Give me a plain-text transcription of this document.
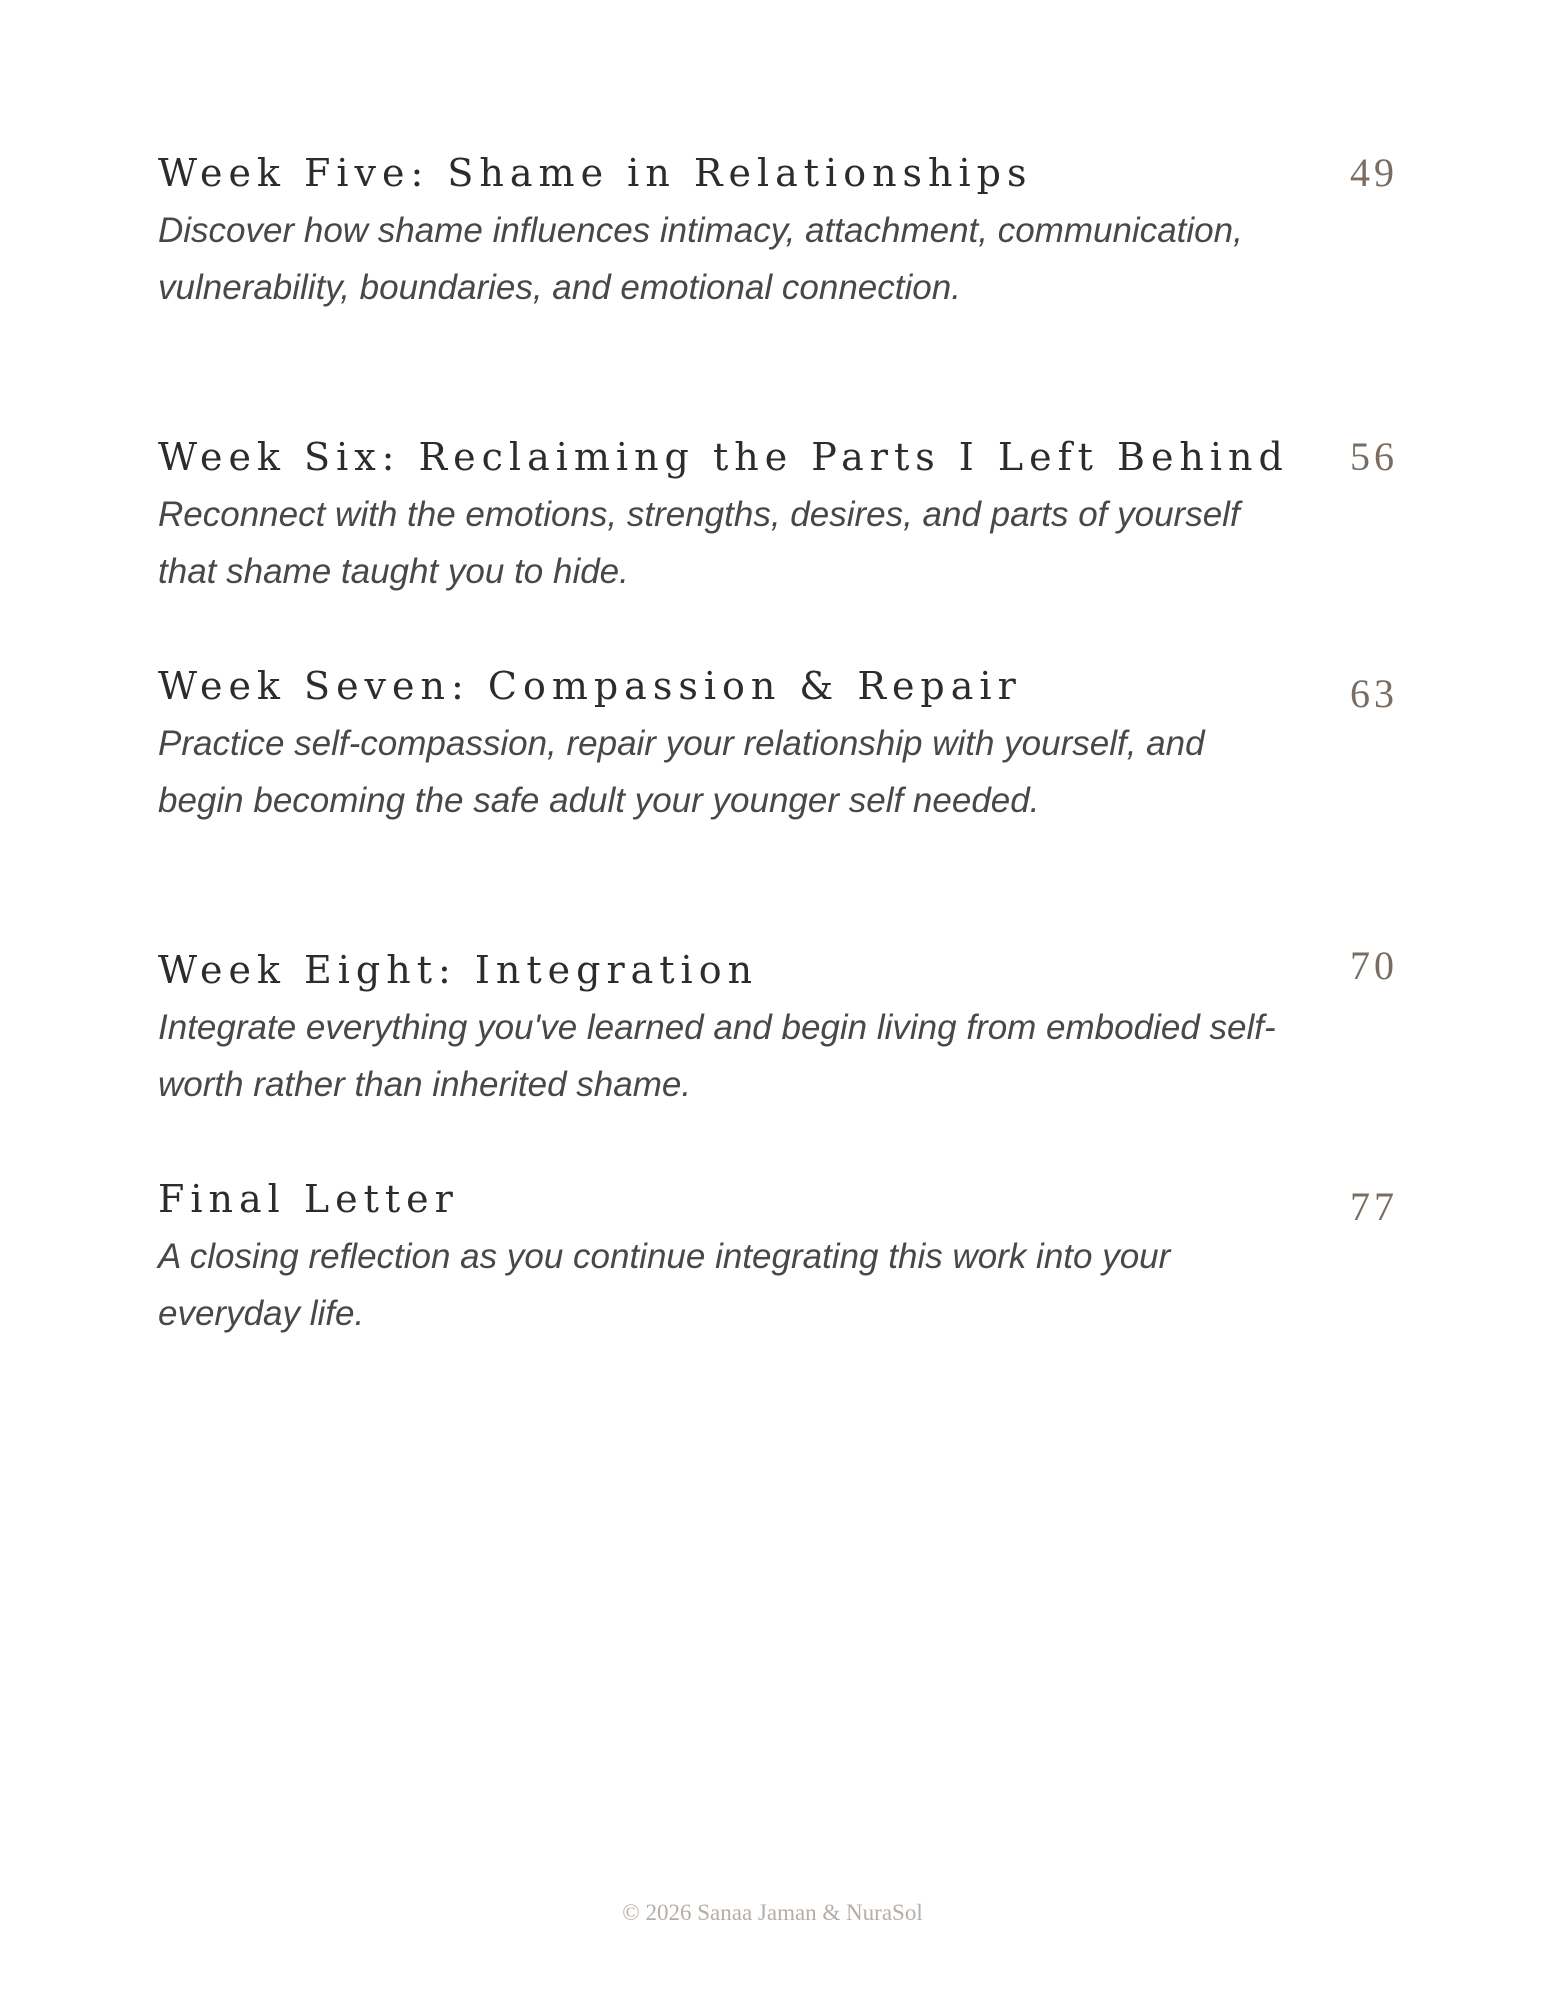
Week Five: Shame in Relationships

Discover how shame influences intimacy, attachment, communication, vulnerability, boundaries, and emotional connection.

49
Week Six: Reclaiming the Parts I Left Behind

Reconnect with the emotions, strengths, desires, and parts of yourself that shame taught you to hide.

56
Week Seven: Compassion & Repair

Practice self-compassion, repair your relationship with yourself, and begin becoming the safe adult your younger self needed.

63
Week Eight: Integration

Integrate everything you've learned and begin living from embodied self-worth rather than inherited shame.

70
Final Letter

A closing reflection as you continue integrating this work into your everyday life.

77
© 2026 Sanaa Jaman & NuraSol
